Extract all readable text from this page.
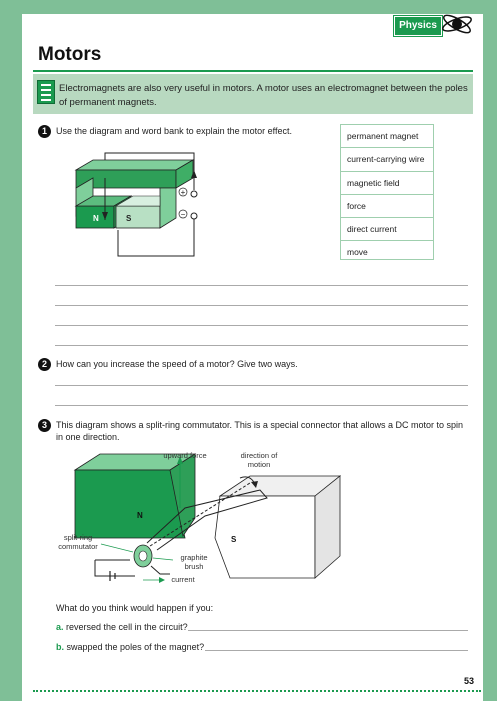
Physics
Motors
Electromagnets are also very useful in motors. A motor uses an electromagnet between the poles of permanent magnets.
1	Use the diagram and word bank to explain the motor effect.
+
−
N	S
permanent magnet
current-carrying wire
magnetic field
force
direct current
move
2	How can you increase the speed of a motor? Give two ways.
3	This diagram shows a split-ring commutator. This is a special connector that allows a DC motor to spin in one direction.
N
S
upward force	direction of motion
split-ring commutator
graphite brush
current
What do you think would happen if you:
a. reversed the cell in the circuit?
b. swapped the poles of the magnet?
53
